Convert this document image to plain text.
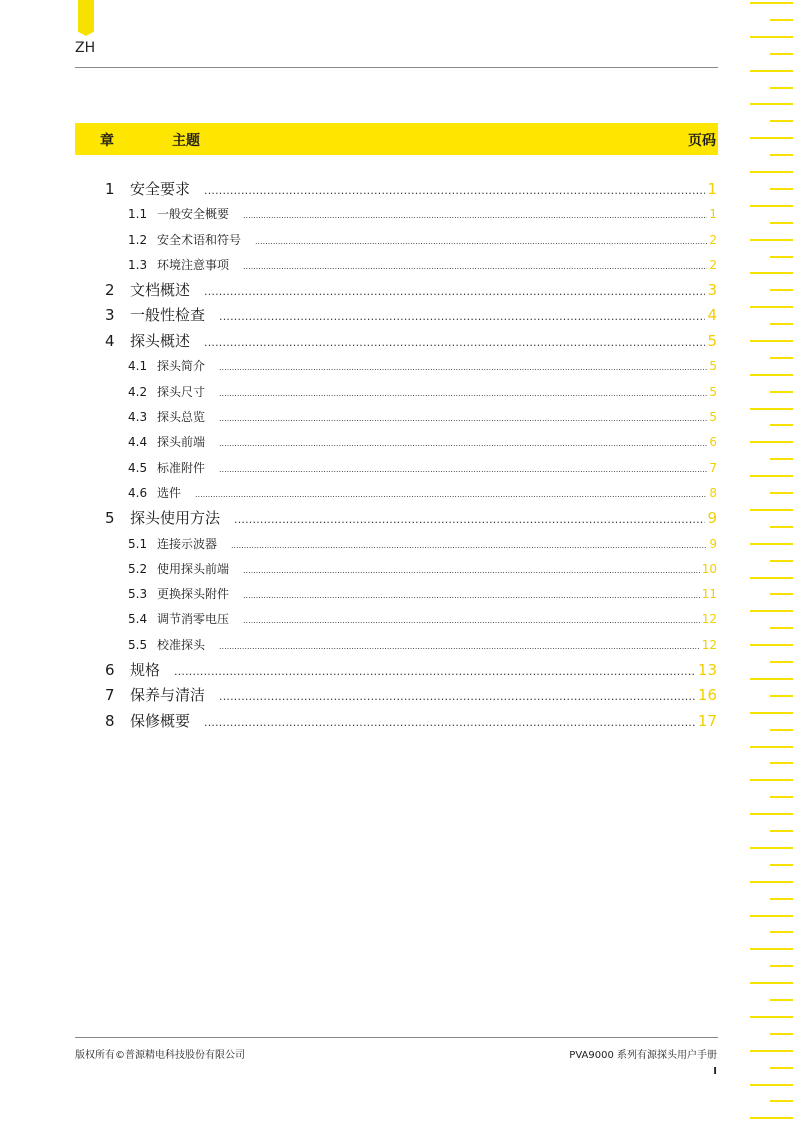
ZH
章	主题	页码
1	安全要求 .....	1
1.1 一般安全概要 .....	1
1.2 安全术语和符号 .....	2
1.3 环境注意事项 .....	2
2	文档概述 .....	3
3	一般性检查 .....	4
4	探头概述 .....	5
4.1 探头简介 .....	5
4.2 探头尺寸 .....	5
4.3 探头总览 .....	5
4.4 探头前端 .....	6
4.5 标准附件 .....	7
4.6 选件 .....	8
5	探头使用方法 .....	9
5.1 连接示波器 .....	9
5.2 使用探头前端 .....	10
5.3 更换探头附件 .....	11
5.4 调节消零电压 .....	12
5.5 校准探头 .....	12
6	规格 .....	13
7	保养与清洁 .....	16
8	保修概要 .....	17
版权所有©普源精电科技股份有限公司	PVA9000 系列有源探头用户手册
I
